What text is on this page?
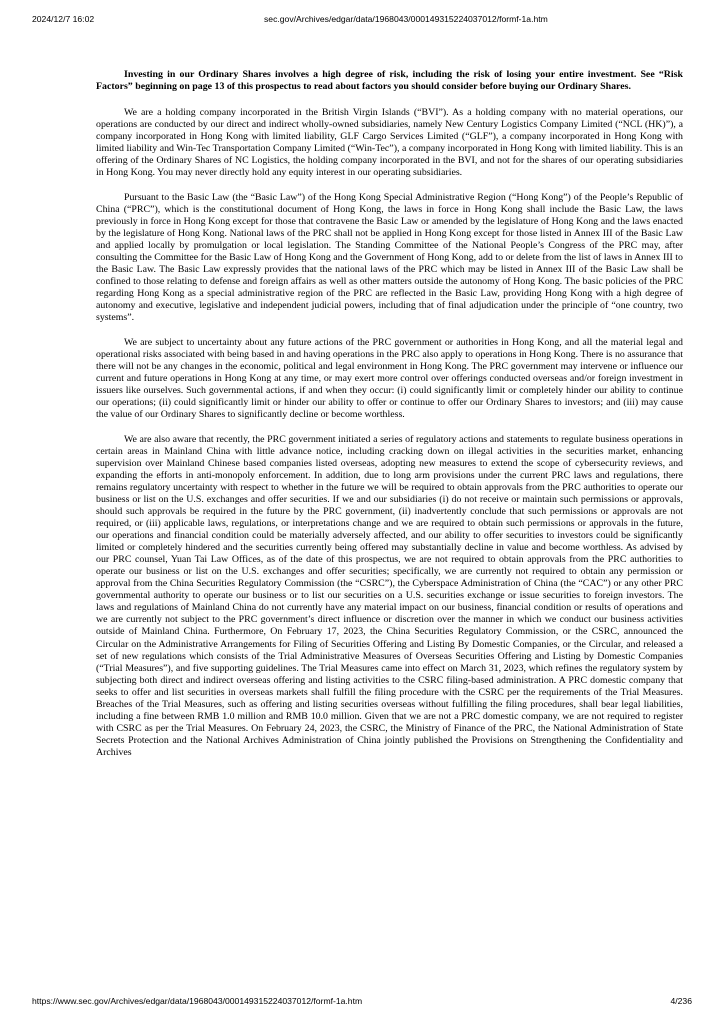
2024/12/7 16:02	sec.gov/Archives/edgar/data/1968043/000149315224037012/formf-1a.htm

Investing in our Ordinary Shares involves a high degree of risk, including the risk of losing your entire investment. See “Risk Factors” beginning on page 13 of this prospectus to read about factors you should consider before buying our Ordinary Shares.

We are a holding company incorporated in the British Virgin Islands (“BVI”). As a holding company with no material operations, our operations are conducted by our direct and indirect wholly-owned subsidiaries, namely New Century Logistics Company Limited (“NCL (HK)”), a company incorporated in Hong Kong with limited liability, GLF Cargo Services Limited (“GLF”), a company incorporated in Hong Kong with limited liability and Win-Tec Transportation Company Limited (“Win-Tec”), a company incorporated in Hong Kong with limited liability. This is an offering of the Ordinary Shares of NC Logistics, the holding company incorporated in the BVI, and not for the shares of our operating subsidiaries in Hong Kong. You may never directly hold any equity interest in our operating subsidiaries.

Pursuant to the Basic Law (the “Basic Law”) of the Hong Kong Special Administrative Region (“Hong Kong”) of the People’s Republic of China (“PRC”), which is the constitutional document of Hong Kong, the laws in force in Hong Kong shall include the Basic Law, the laws previously in force in Hong Kong except for those that contravene the Basic Law or amended by the legislature of Hong Kong and the laws enacted by the legislature of Hong Kong. National laws of the PRC shall not be applied in Hong Kong except for those listed in Annex III of the Basic Law and applied locally by promulgation or local legislation. The Standing Committee of the National People’s Congress of the PRC may, after consulting the Committee for the Basic Law of Hong Kong and the Government of Hong Kong, add to or delete from the list of laws in Annex III to the Basic Law. The Basic Law expressly provides that the national laws of the PRC which may be listed in Annex III of the Basic Law shall be confined to those relating to defense and foreign affairs as well as other matters outside the autonomy of Hong Kong. The basic policies of the PRC regarding Hong Kong as a special administrative region of the PRC are reflected in the Basic Law, providing Hong Kong with a high degree of autonomy and executive, legislative and independent judicial powers, including that of final adjudication under the principle of “one country, two systems”.

We are subject to uncertainty about any future actions of the PRC government or authorities in Hong Kong, and all the material legal and operational risks associated with being based in and having operations in the PRC also apply to operations in Hong Kong. There is no assurance that there will not be any changes in the economic, political and legal environment in Hong Kong. The PRC government may intervene or influence our current and future operations in Hong Kong at any time, or may exert more control over offerings conducted overseas and/or foreign investment in issuers like ourselves. Such governmental actions, if and when they occur: (i) could significantly limit or completely hinder our ability to continue our operations; (ii) could significantly limit or hinder our ability to offer or continue to offer our Ordinary Shares to investors; and (iii) may cause the value of our Ordinary Shares to significantly decline or become worthless.

We are also aware that recently, the PRC government initiated a series of regulatory actions and statements to regulate business operations in certain areas in Mainland China with little advance notice, including cracking down on illegal activities in the securities market, enhancing supervision over Mainland Chinese based companies listed overseas, adopting new measures to extend the scope of cybersecurity reviews, and expanding the efforts in anti-monopoly enforcement. In addition, due to long arm provisions under the current PRC laws and regulations, there remains regulatory uncertainty with respect to whether in the future we will be required to obtain approvals from the PRC authorities to operate our business or list on the U.S. exchanges and offer securities. If we and our subsidiaries (i) do not receive or maintain such permissions or approvals, should such approvals be required in the future by the PRC government, (ii) inadvertently conclude that such permissions or approvals are not required, or (iii) applicable laws, regulations, or interpretations change and we are required to obtain such permissions or approvals in the future, our operations and financial condition could be materially adversely affected, and our ability to offer securities to investors could be significantly limited or completely hindered and the securities currently being offered may substantially decline in value and become worthless. As advised by our PRC counsel, Yuan Tai Law Offices, as of the date of this prospectus, we are not required to obtain approvals from the PRC authorities to operate our business or list on the U.S. exchanges and offer securities; specifically, we are currently not required to obtain any permission or approval from the China Securities Regulatory Commission (the “CSRC”), the Cyberspace Administration of China (the “CAC”) or any other PRC governmental authority to operate our business or to list our securities on a U.S. securities exchange or issue securities to foreign investors. The laws and regulations of Mainland China do not currently have any material impact on our business, financial condition or results of operations and we are currently not subject to the PRC government’s direct influence or discretion over the manner in which we conduct our business activities outside of Mainland China. Furthermore, On February 17, 2023, the China Securities Regulatory Commission, or the CSRC, announced the Circular on the Administrative Arrangements for Filing of Securities Offering and Listing By Domestic Companies, or the Circular, and released a set of new regulations which consists of the Trial Administrative Measures of Overseas Securities Offering and Listing by Domestic Companies (“Trial Measures”), and five supporting guidelines. The Trial Measures came into effect on March 31, 2023, which refines the regulatory system by subjecting both direct and indirect overseas offering and listing activities to the CSRC filing-based administration. A PRC domestic company that seeks to offer and list securities in overseas markets shall fulfill the filing procedure with the CSRC per the requirements of the Trial Measures. Breaches of the Trial Measures, such as offering and listing securities overseas without fulfilling the filing procedures, shall bear legal liabilities, including a fine between RMB 1.0 million and RMB 10.0 million. Given that we are not a PRC domestic company, we are not required to register with CSRC as per the Trial Measures. On February 24, 2023, the CSRC, the Ministry of Finance of the PRC, the National Administration of State Secrets Protection and the National Archives Administration of China jointly published the Provisions on Strengthening the Confidentiality and Archives

https://www.sec.gov/Archives/edgar/data/1968043/000149315224037012/formf-1a.htm	4/236
